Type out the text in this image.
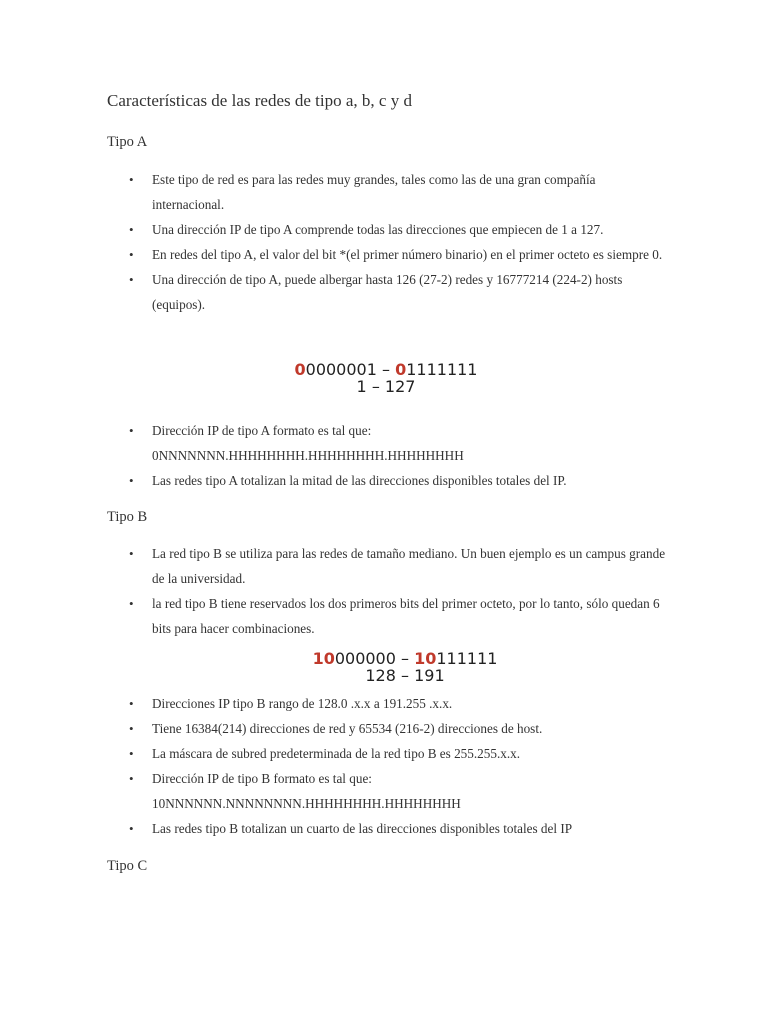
Características de las redes de tipo a, b, c y d
Tipo A
• Este tipo de red es para las redes muy grandes, tales como las de una gran compañía internacional.
• Una dirección IP de tipo A comprende todas las direcciones que empiecen de 1 a 127.
• En redes del tipo A, el valor del bit *(el primer número binario) en el primer octeto es siempre 0.
• Una dirección de tipo A, puede albergar hasta 126 (27-2) redes y 16777214 (224-2) hosts (equipos).
00000001 – 01111111
1 – 127
• Dirección IP de tipo A formato es tal que: 0NNNNNNN.HHHHHHHH.HHHHHHHH.HHHHHHHH
• Las redes tipo A totalizan la mitad de las direcciones disponibles totales del IP.
Tipo B
• La red tipo B se utiliza para las redes de tamaño mediano. Un buen ejemplo es un campus grande de la universidad.
• la red tipo B tiene reservados los dos primeros bits del primer octeto, por lo tanto, sólo quedan 6 bits para hacer combinaciones.
10000000 – 10111111
128 – 191
• Direcciones IP tipo B rango de 128.0 .x.x a 191.255 .x.x.
• Tiene 16384(214) direcciones de red y 65534 (216-2) direcciones de host.
• La máscara de subred predeterminada de la red tipo B es 255.255.x.x.
• Dirección IP de tipo B formato es tal que: 10NNNNNN.NNNNNNNN.HHHHHHHH.HHHHHHHH
• Las redes tipo B totalizan un cuarto de las direcciones disponibles totales del IP
Tipo C
